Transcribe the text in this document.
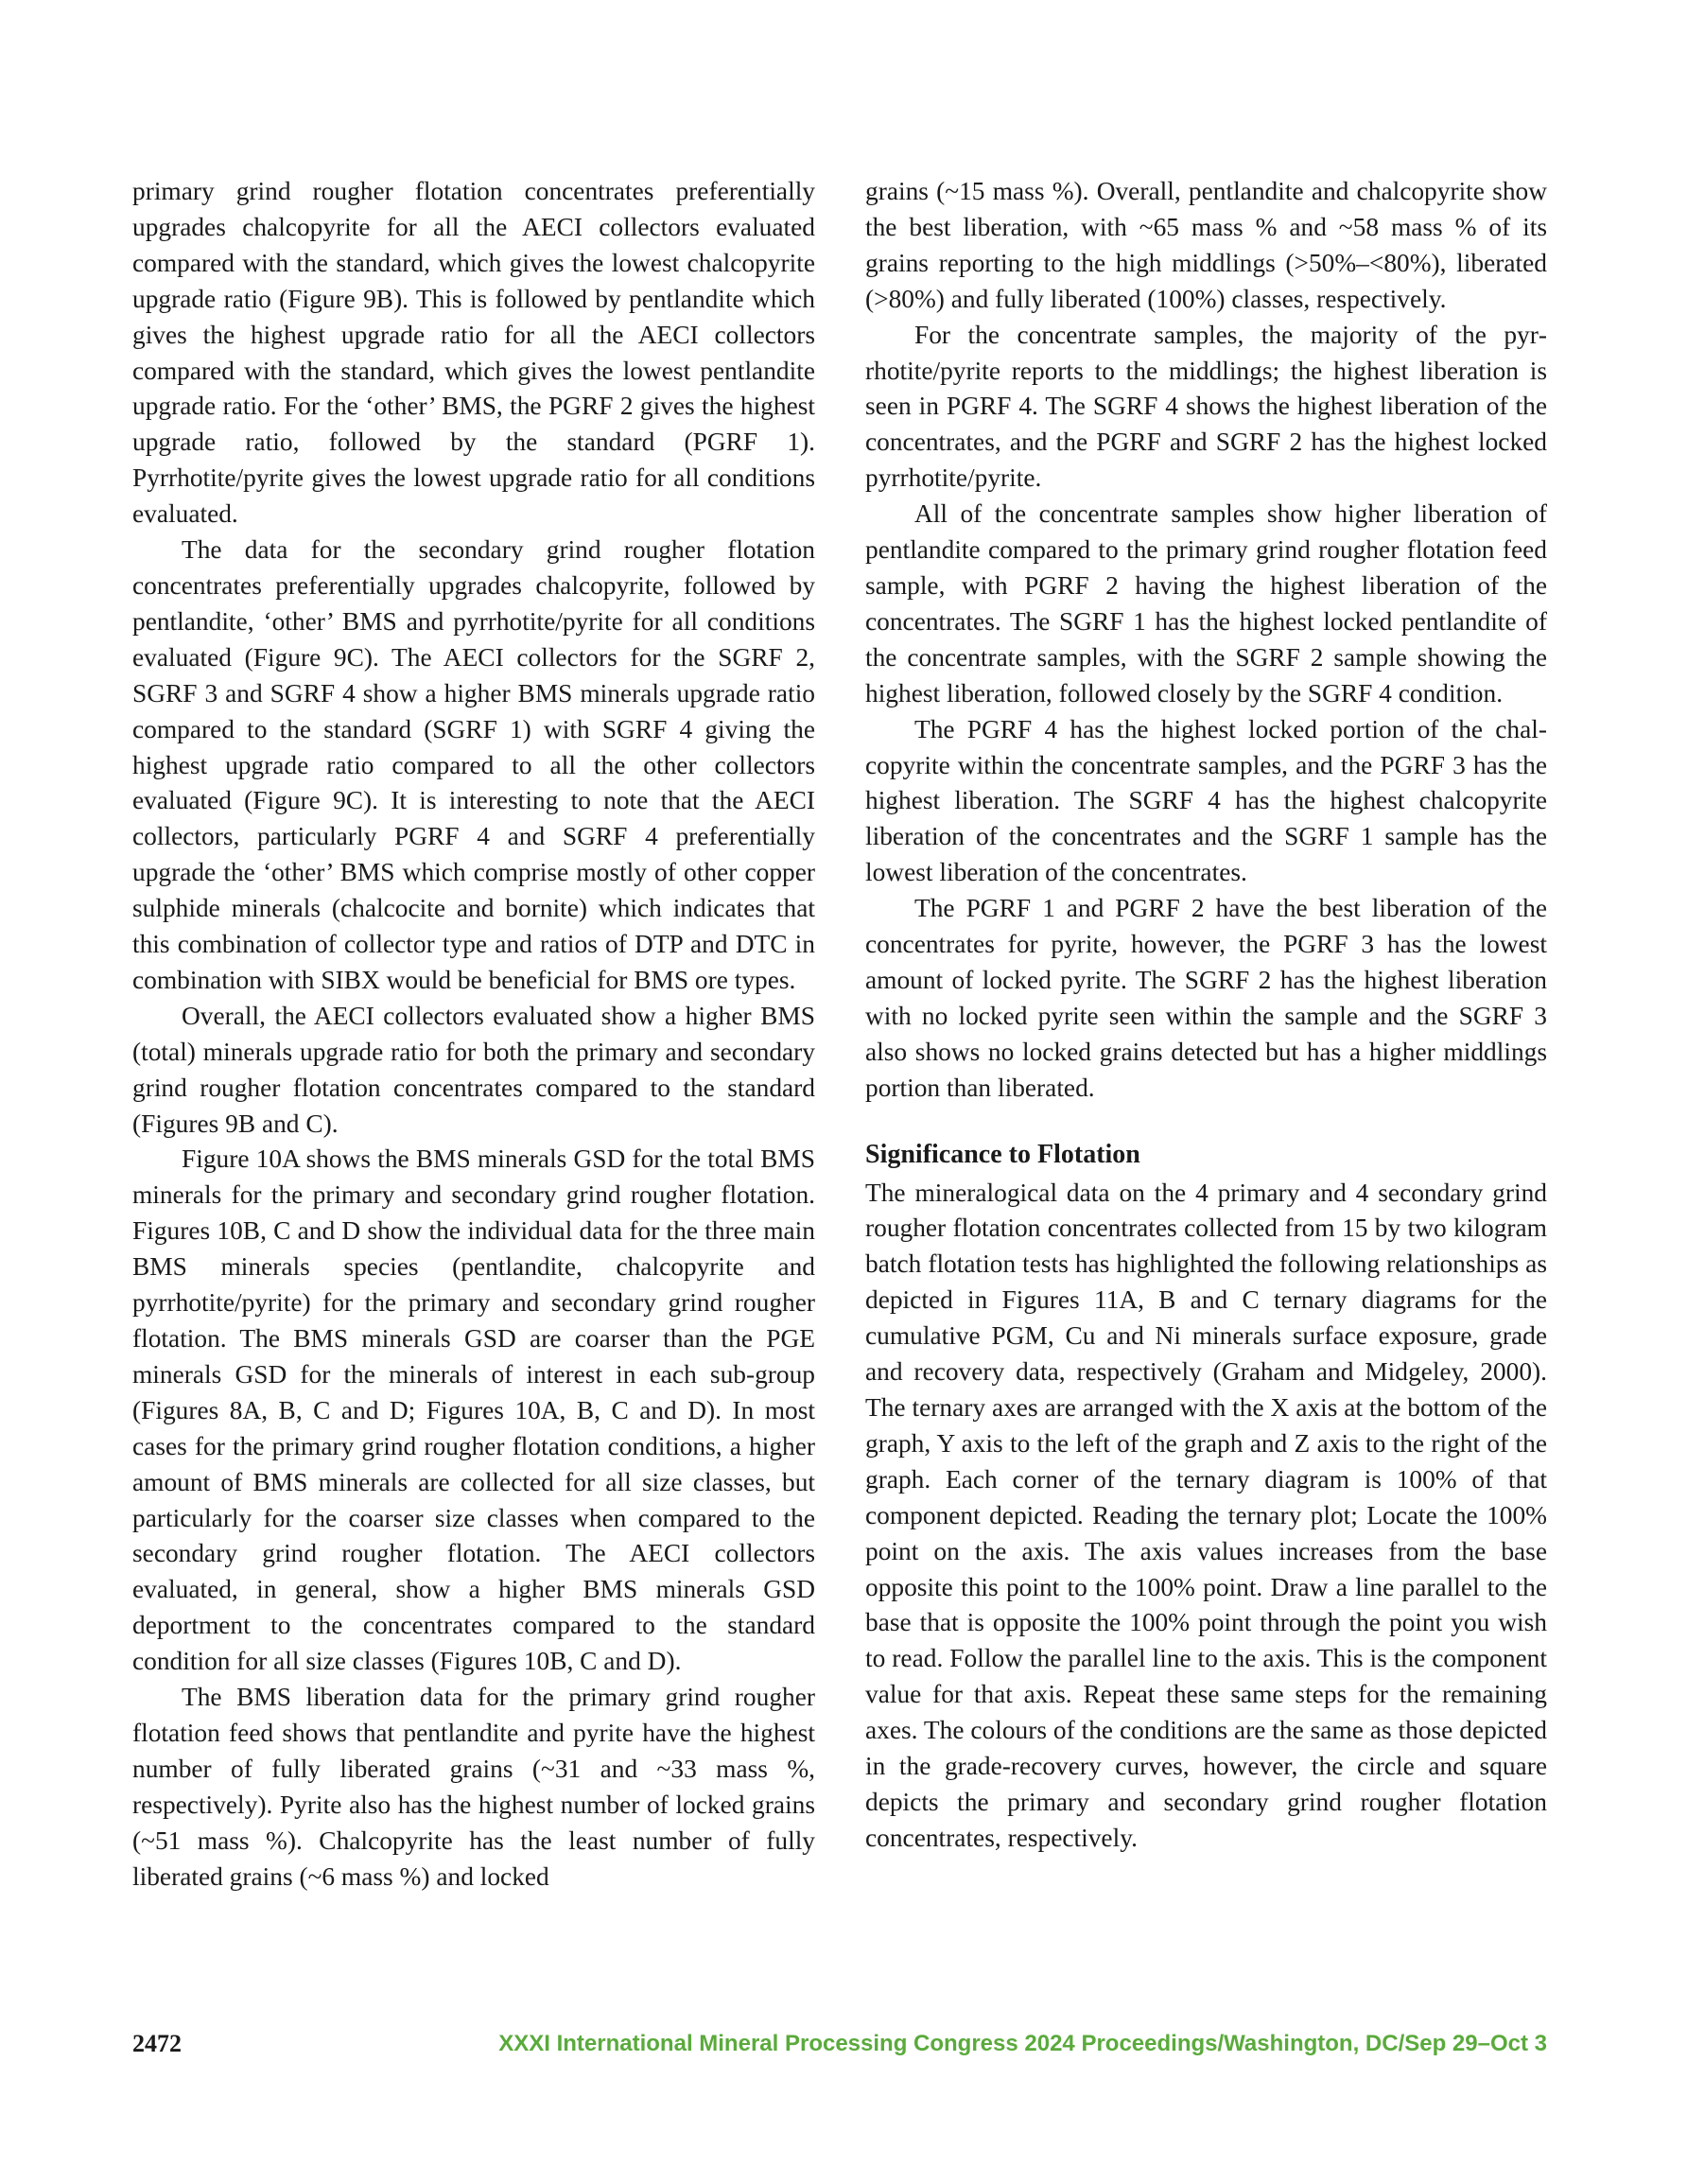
primary grind rougher flotation concentrates preferentially upgrades chalcopyrite for all the AECI collectors evaluated compared with the standard, which gives the lowest chalcopyrite upgrade ratio (Figure 9B). This is followed by pentlandite which gives the highest upgrade ratio for all the AECI collectors compared with the standard, which gives the lowest pentlandite upgrade ratio. For the ‘other’ BMS, the PGRF 2 gives the highest upgrade ratio, followed by the standard (PGRF 1). Pyrrhotite/pyrite gives the lowest upgrade ratio for all conditions evaluated.

The data for the secondary grind rougher flotation concentrates preferentially upgrades chalcopyrite, followed by pentlandite, ‘other’ BMS and pyrrhotite/pyrite for all conditions evaluated (Figure 9C). The AECI collectors for the SGRF 2, SGRF 3 and SGRF 4 show a higher BMS minerals upgrade ratio compared to the standard (SGRF 1) with SGRF 4 giving the highest upgrade ratio compared to all the other collectors evaluated (Figure 9C). It is interesting to note that the AECI collectors, particularly PGRF 4 and SGRF 4 preferentially upgrade the ‘other’ BMS which comprise mostly of other copper sulphide minerals (chalcocite and bornite) which indicates that this combination of collector type and ratios of DTP and DTC in combination with SIBX would be beneficial for BMS ore types.

Overall, the AECI collectors evaluated show a higher BMS (total) minerals upgrade ratio for both the primary and secondary grind rougher flotation concentrates compared to the standard (Figures 9B and C).

Figure 10A shows the BMS minerals GSD for the total BMS minerals for the primary and secondary grind rougher flotation. Figures 10B, C and D show the individual data for the three main BMS minerals species (pentlandite, chalcopyrite and pyrrhotite/pyrite) for the primary and secondary grind rougher flotation. The BMS minerals GSD are coarser than the PGE minerals GSD for the minerals of interest in each sub-group (Figures 8A, B, C and D; Figures 10A, B, C and D). In most cases for the primary grind rougher flotation conditions, a higher amount of BMS minerals are collected for all size classes, but particularly for the coarser size classes when compared to the secondary grind rougher flotation. The AECI collectors evaluated, in general, show a higher BMS minerals GSD deportment to the concentrates compared to the standard condition for all size classes (Figures 10B, C and D).

The BMS liberation data for the primary grind rougher flotation feed shows that pentlandite and pyrite have the highest number of fully liberated grains (~31 and ~33 mass %, respectively). Pyrite also has the highest number of locked grains (~51 mass %). Chalcopyrite has the least number of fully liberated grains (~6 mass %) and locked

grains (~15 mass %). Overall, pentlandite and chalcopyrite show the best liberation, with ~65 mass % and ~58 mass % of its grains reporting to the high middlings (>50%–<80%), liberated (>80%) and fully liberated (100%) classes, respectively.

For the concentrate samples, the majority of the pyrrhotite/pyrite reports to the middlings; the highest liberation is seen in PGRF 4. The SGRF 4 shows the highest liberation of the concentrates, and the PGRF and SGRF 2 has the highest locked pyrrhotite/pyrite.

All of the concentrate samples show higher liberation of pentlandite compared to the primary grind rougher flotation feed sample, with PGRF 2 having the highest liberation of the concentrates. The SGRF 1 has the highest locked pentlandite of the concentrate samples, with the SGRF 2 sample showing the highest liberation, followed closely by the SGRF 4 condition.

The PGRF 4 has the highest locked portion of the chalcopyrite within the concentrate samples, and the PGRF 3 has the highest liberation. The SGRF 4 has the highest chalcopyrite liberation of the concentrates and the SGRF 1 sample has the lowest liberation of the concentrates.

The PGRF 1 and PGRF 2 have the best liberation of the concentrates for pyrite, however, the PGRF 3 has the lowest amount of locked pyrite. The SGRF 2 has the highest liberation with no locked pyrite seen within the sample and the SGRF 3 also shows no locked grains detected but has a higher middlings portion than liberated.

Significance to Flotation

The mineralogical data on the 4 primary and 4 secondary grind rougher flotation concentrates collected from 15 by two kilogram batch flotation tests has highlighted the following relationships as depicted in Figures 11A, B and C ternary diagrams for the cumulative PGM, Cu and Ni minerals surface exposure, grade and recovery data, respectively (Graham and Midgeley, 2000). The ternary axes are arranged with the X axis at the bottom of the graph, Y axis to the left of the graph and Z axis to the right of the graph. Each corner of the ternary diagram is 100% of that component depicted. Reading the ternary plot; Locate the 100% point on the axis. The axis values increases from the base opposite this point to the 100% point. Draw a line parallel to the base that is opposite the 100% point through the point you wish to read. Follow the parallel line to the axis. This is the component value for that axis. Repeat these same steps for the remaining axes. The colours of the conditions are the same as those depicted in the grade-recovery curves, however, the circle and square depicts the primary and secondary grind rougher flotation concentrates, respectively.

2472	XXXI International Mineral Processing Congress 2024 Proceedings/Washington, DC/Sep 29–Oct 3
